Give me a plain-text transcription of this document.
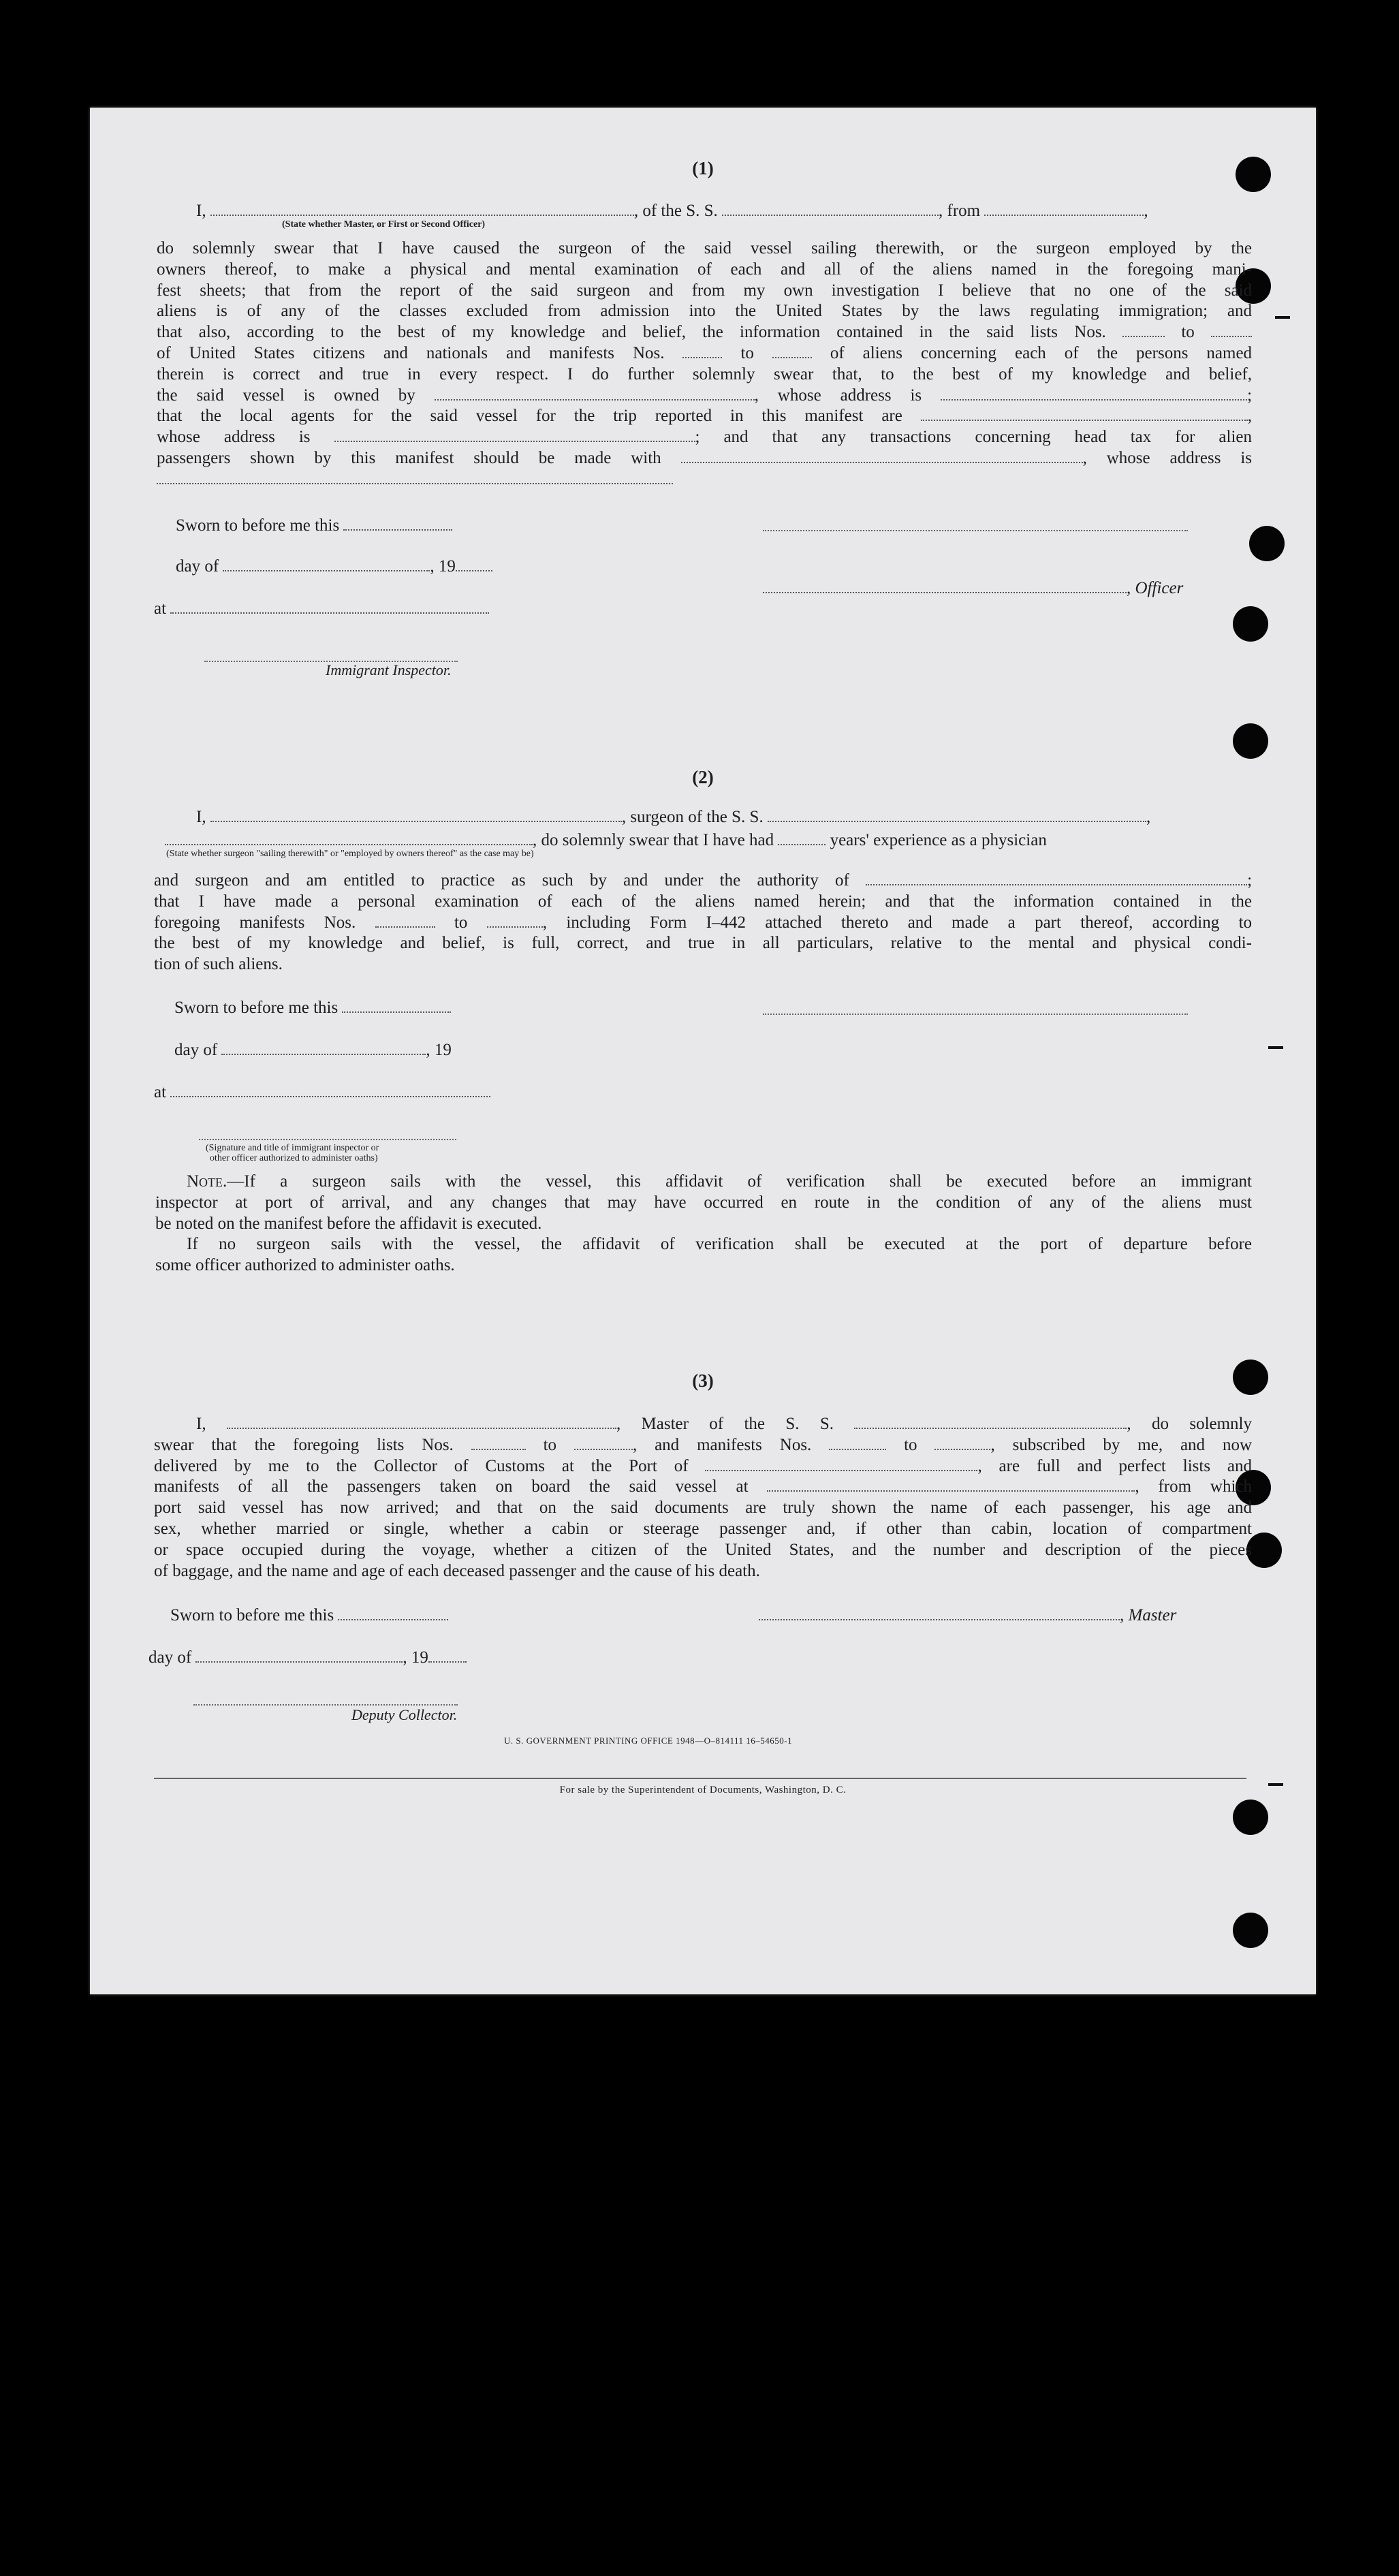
(1)
I,	, of the S. S.	, from	,
(State whether Master, or First or Second Officer)
do solemnly swear that I have caused the surgeon of the said vessel sailing therewith, or the surgeon employed by the
owners thereof, to make a physical and mental examination of each and all of the aliens named in the foregoing mani-
fest sheets; that from the report of the said surgeon and from my own investigation I believe that no one of the said
aliens is of any of the classes excluded from admission into the United States by the laws regulating immigration; and
that also, according to the best of my knowledge and belief, the information contained in the said lists Nos.	to
of United States citizens and nationals and manifests Nos.	to	of aliens concerning each of the persons named
therein is correct and true in every respect. I do further solemnly swear that, to the best of my knowledge and belief,
the said vessel is owned by	, whose address is	;
that the local agents for the said vessel for the trip reported in this manifest are	,
whose address is	; and that any transactions concerning head tax for alien
passengers shown by this manifest should be made with	, whose address is
Sworn to before me this
day of	, 19
at
Immigrant Inspector.
, Officer
(2)
I,	, surgeon of the S. S.	,
, do solemnly swear that I have had	years' experience as a physician
(State whether surgeon "sailing therewith" or "employed by owners thereof" as the case may be)
and surgeon and am entitled to practice as such by and under the authority of	;
that I have made a personal examination of each of the aliens named herein; and that the information contained in the
foregoing manifests Nos.	to	, including Form I–442 attached thereto and made a part thereof, according to
the best of my knowledge and belief, is full, correct, and true in all particulars, relative to the mental and physical condi-
tion of such aliens.
Sworn to before me this
day of	, 19
at
(Signature and title of immigrant inspector or
other officer authorized to administer oaths)
Note.—If a surgeon sails with the vessel, this affidavit of verification shall be executed before an immigrant
inspector at port of arrival, and any changes that may have occurred en route in the condition of any of the aliens must
be noted on the manifest before the affidavit is executed.
If no surgeon sails with the vessel, the affidavit of verification shall be executed at the port of departure before
some officer authorized to administer oaths.
(3)
I,	, Master of the S. S.	, do solemnly
swear that the foregoing lists Nos.	to	, and manifests Nos.	to	, subscribed by me, and now
delivered by me to the Collector of Customs at the Port of	, are full and perfect lists and
manifests of all the passengers taken on board the said vessel at	, from which
port said vessel has now arrived; and that on the said documents are truly shown the name of each passenger, his age and
sex, whether married or single, whether a cabin or steerage passenger and, if other than cabin, location of compartment
or space occupied during the voyage, whether a citizen of the United States, and the number and description of the pieces
of baggage, and the name and age of each deceased passenger and the cause of his death.
Sworn to before me this	, Master
day of	, 19
Deputy Collector.
U. S. GOVERNMENT PRINTING OFFICE 1948—O–814111 16–54650-1
For sale by the Superintendent of Documents, Washington, D. C.
